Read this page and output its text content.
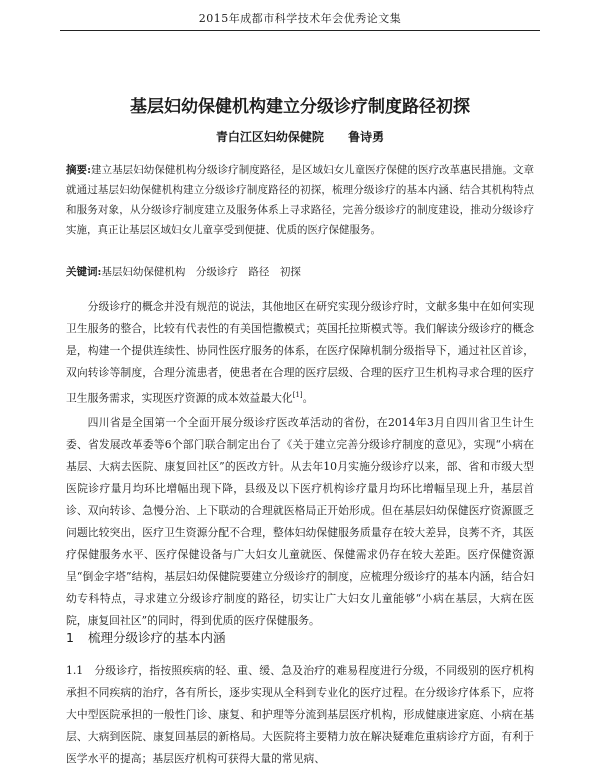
2015年成都市科学技术年会优秀论文集
基层妇幼保健机构建立分级诊疗制度路径初探
青白江区妇幼保健院 鲁诗勇

摘要:建立基层妇幼保健机构分级诊疗制度路径，是区域妇女儿童医疗保健的医疗改革惠民措施。文章就通过基层妇幼保健机构建立分级诊疗制度路径的初探，梳理分级诊疗的基本内涵、结合其机构特点和服务对象，从分级诊疗制度建立及服务体系上寻求路径，完善分级诊疗的制度建设，推动分级诊疗实施，真正让基层区域妇女儿童享受到便捷、优质的医疗保健服务。

关键词:基层妇幼保健机构　分级诊疗　路径　初探

分级诊疗的概念并没有规范的说法，其他地区在研究实现分级诊疗时，文献多集中在如何实现卫生服务的整合，比较有代表性的有美国恺撒模式；英国托拉斯模式等。我们解读分级诊疗的概念是，构建一个提供连续性、协同性医疗服务的体系，在医疗保障机制分级指导下，通过社区首诊，双向转诊等制度，合理分流患者，使患者在合理的医疗层级、合理的医疗卫生机构寻求合理的医疗卫生服务需求，实现医疗资源的成本效益最大化[1]。

四川省是全国第一个全面开展分级诊疗医改革活动的省份，在2014年3月自四川省卫生计生委、省发展改革委等6个部门联合制定出台了《关于建立完善分级诊疗制度的意见》，实现“小病在基层、大病去医院、康复回社区”的医改方针。从去年10月实施分级诊疗以来，部、省和市级大型医院诊疗量月均环比增幅出现下降，县级及以下医疗机构诊疗量月均环比增幅呈现上升，基层首诊、双向转诊、急慢分治、上下联动的合理就医格局正开始形成。但在基层妇幼保健医疗资源匮乏问题比较突出，医疗卫生资源分配不合理，整体妇幼保健服务质量存在较大差异，良莠不齐，其医疗保健服务水平、医疗保健设备与广大妇女儿童就医、保健需求仍存在较大差距。医疗保健资源呈“倒金字塔”结构，基层妇幼保健院要建立分级诊疗的制度，应梳理分级诊疗的基本内涵，结合妇幼专科特点，寻求建立分级诊疗制度的路径，切实让广大妇女儿童能够“小病在基层，大病在医院，康复回社区”的同时，得到优质的医疗保健服务。

1 梳理分级诊疗的基本内涵

1.1　分级诊疗，指按照疾病的轻、重、缓、急及治疗的难易程度进行分级，不同级别的医疗机构承担不同疾病的治疗，各有所长，逐步实现从全科到专业化的医疗过程。在分级诊疗体系下，应将大中型医院承担的一般性门诊、康复、和护理等分流到基层医疗机构，形成健康进家庭、小病在基层、大病到医院、康复回基层的新格局。大医院将主要精力放在解决疑难危重病诊疗方面，有利于医学水平的提高；基层医疗机构可获得大量的常见病、
